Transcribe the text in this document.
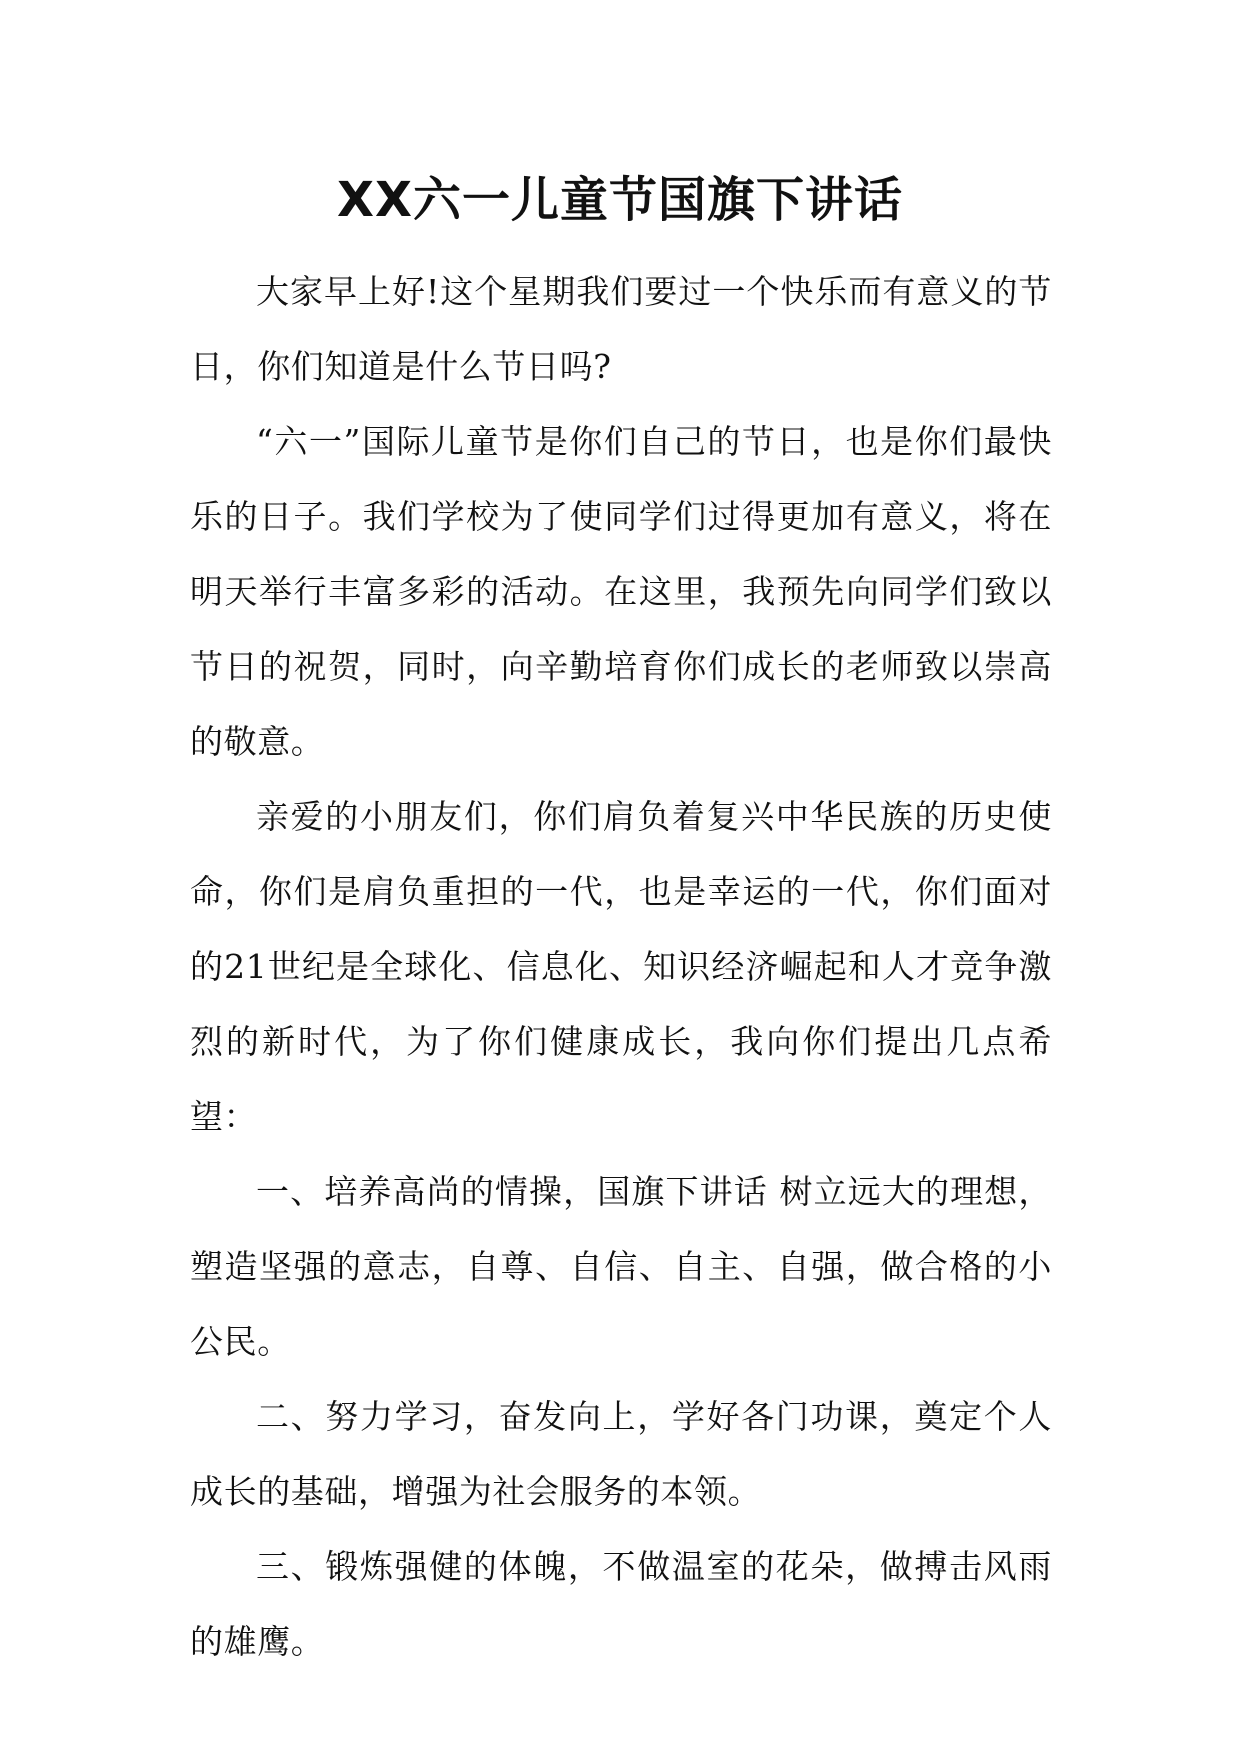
XX六一儿童节国旗下讲话

大家早上好!这个星期我们要过一个快乐而有意义的节日，你们知道是什么节日吗?

“六一”国际儿童节是你们自己的节日，也是你们最快乐的日子。我们学校为了使同学们过得更加有意义，将在明天举行丰富多彩的活动。在这里，我预先向同学们致以节日的祝贺，同时，向辛勤培育你们成长的老师致以崇高的敬意。

亲爱的小朋友们，你们肩负着复兴中华民族的历史使命，你们是肩负重担的一代，也是幸运的一代，你们面对的21世纪是全球化、信息化、知识经济崛起和人才竞争激烈的新时代，为了你们健康成长，我向你们提出几点希望：

一、培养高尚的情操，国旗下讲话 树立远大的理想，塑造坚强的意志，自尊、自信、自主、自强，做合格的小公民。

二、努力学习，奋发向上，学好各门功课，奠定个人成长的基础，增强为社会服务的本领。

三、锻炼强健的体魄，不做温室的花朵，做搏击风雨的雄鹰。
